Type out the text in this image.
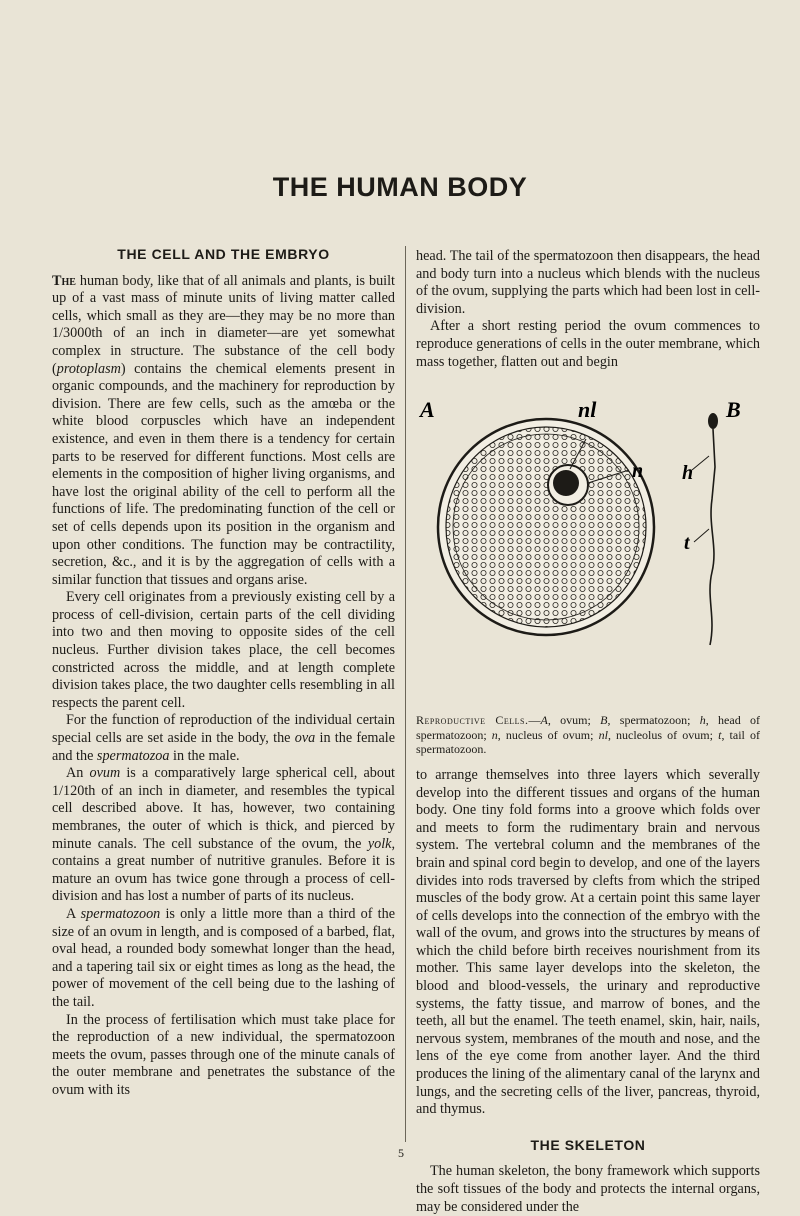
THE HUMAN BODY
THE CELL AND THE EMBRYO

The human body, like that of all animals and plants, is built up of a vast mass of minute units of living matter called cells, which small as they are—they may be no more than 1/3000th of an inch in diameter—are yet somewhat complex in structure. The substance of the cell body (protoplasm) contains the chemical elements present in organic compounds, and the machinery for reproduction by division. There are few cells, such as the amœba or the white blood corpuscles which have an independent existence, and even in them there is a tendency for certain parts to be reserved for different functions. Most cells are elements in the composition of higher living organisms, and have lost the original ability of the cell to perform all the functions of life. The predominating function of the cell or set of cells depends upon its position in the organism and upon other conditions. The function may be contractility, secretion, &c., and it is by the aggregation of cells with a similar function that tissues and organs arise.

Every cell originates from a previously existing cell by a process of cell-division, certain parts of the cell dividing into two and then moving to opposite sides of the cell nucleus. Further division takes place, the cell becomes constricted across the middle, and at length complete division takes place, the two daughter cells resembling in all respects the parent cell.

For the function of reproduction of the individual certain special cells are set aside in the body, the ova in the female and the spermatozoa in the male.

An ovum is a comparatively large spherical cell, about 1/120th of an inch in diameter, and resembles the typical cell described above. It has, however, two containing membranes, the outer of which is thick, and pierced by minute canals. The cell substance of the ovum, the yolk, contains a great number of nutritive granules. Before it is mature an ovum has twice gone through a process of cell-division and has lost a number of parts of its nucleus.

A spermatozoon is only a little more than a third of the size of an ovum in length, and is composed of a barbed, flat, oval head, a rounded body somewhat longer than the head, and a tapering tail six or eight times as long as the head, the power of movement of the cell being due to the lashing of the tail.

In the process of fertilisation which must take place for the reproduction of a new individual, the spermatozoon meets the ovum, passes through one of the minute canals of the outer membrane and penetrates the substance of the ovum with its

head. The tail of the spermatozoon then disappears, the head and body turn into a nucleus which blends with the nucleus of the ovum, supplying the parts which had been lost in cell-division.

After a short resting period the ovum commences to reproduce generations of cells in the outer membrane, which mass together, flatten out and begin

A	nl
n
B
h
t
Reproductive Cells.—A, ovum; B, spermatozoon; h, head of spermatozoon; n, nucleus of ovum; nl, nucleolus of ovum; t, tail of spermatozoon.

to arrange themselves into three layers which severally develop into the different tissues and organs of the human body. One tiny fold forms into a groove which folds over and meets to form the rudimentary brain and nervous system. The vertebral column and the membranes of the brain and spinal cord begin to develop, and one of the layers divides into rods traversed by clefts from which the striped muscles of the body grow. At a certain point this same layer of cells develops into the connection of the embryo with the wall of the ovum, and grows into the structures by means of which the child before birth receives nourishment from its mother. This same layer develops into the skeleton, the blood and blood-vessels, the urinary and reproductive systems, the fatty tissue, and marrow of bones, and the teeth, all but the enamel. The teeth enamel, skin, hair, nails, nervous system, membranes of the mouth and nose, and the lens of the eye come from another layer. And the third produces the lining of the alimentary canal of the larynx and lungs, and the secreting cells of the liver, pancreas, thyroid, and thymus.

THE SKELETON

The human skeleton, the bony framework which supports the soft tissues of the body and protects the internal organs, may be considered under the

5
